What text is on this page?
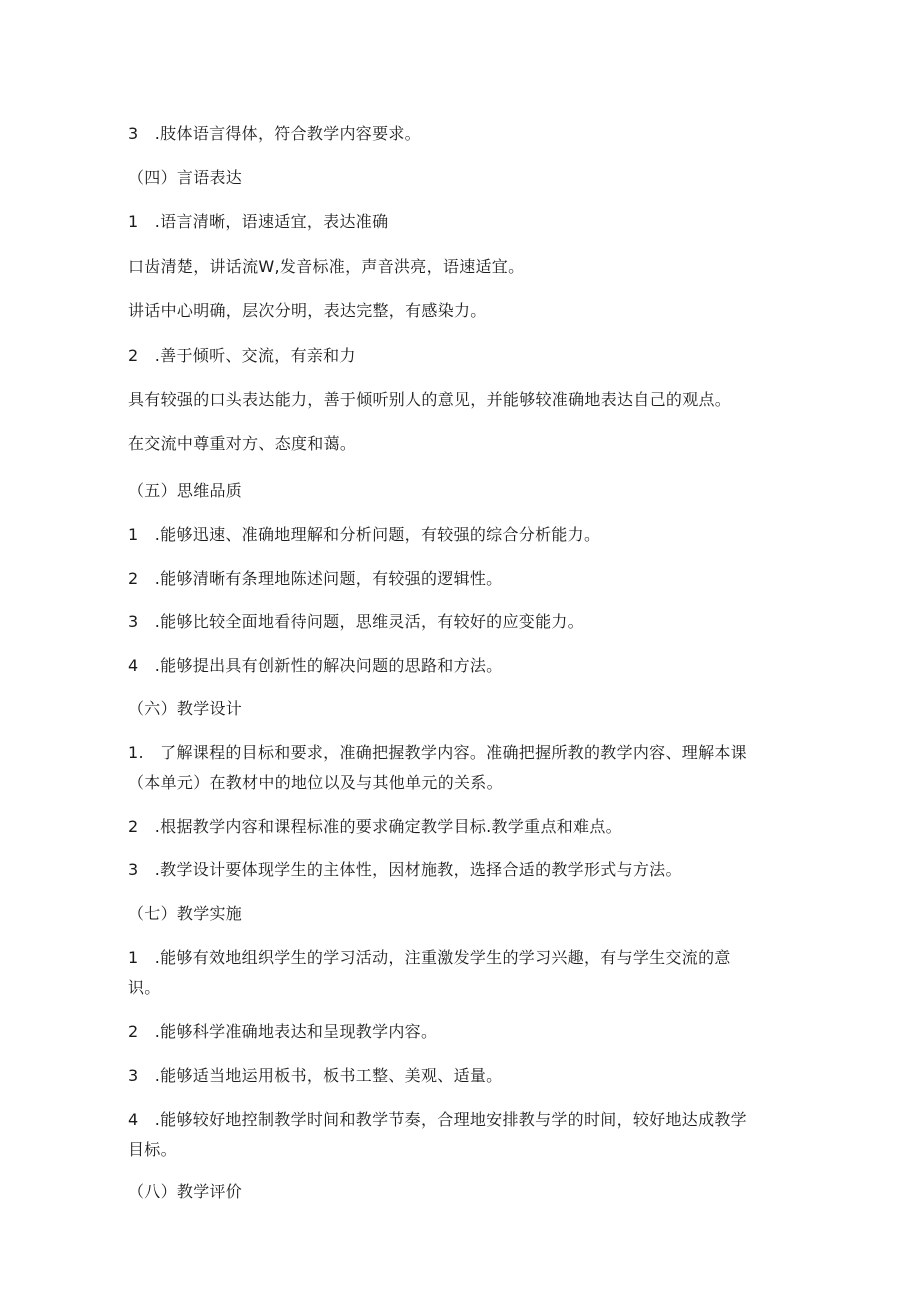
3　.肢体语言得体，符合教学内容要求。

（四）言语表达

1　.语言清晰，语速适宜，表达准确

口齿清楚，讲话流W,发音标准，声音洪亮，语速适宜。

讲话中心明确，层次分明，表达完整，有感染力。

2　.善于倾听、交流，有亲和力

具有较强的口头表达能力，善于倾听别人的意见，并能够较准确地表达自己的观点。

在交流中尊重对方、态度和蔼。

（五）思维品质

1　.能够迅速、准确地理解和分析问题，有较强的综合分析能力。

2　.能够清晰有条理地陈述问题，有较强的逻辑性。

3　.能够比较全面地看待问题，思维灵活，有较好的应变能力。

4　.能够提出具有创新性的解决问题的思路和方法。

（六）教学设计

1.　了解课程的目标和要求，准确把握教学内容。准确把握所教的教学内容、理解本课

（本单元）在教材中的地位以及与其他单元的关系。

2　.根据教学内容和课程标准的要求确定教学目标.教学重点和难点。

3　.教学设计要体现学生的主体性，因材施教，选择合适的教学形式与方法。

（七）教学实施

1　.能够有效地组织学生的学习活动，注重激发学生的学习兴趣，有与学生交流的意

识。

2　.能够科学准确地表达和呈现教学内容。

3　.能够适当地运用板书，板书工整、美观、适量。

4　.能够较好地控制教学时间和教学节奏，合理地安排教与学的时间，较好地达成教学

目标。

（八）教学评价
